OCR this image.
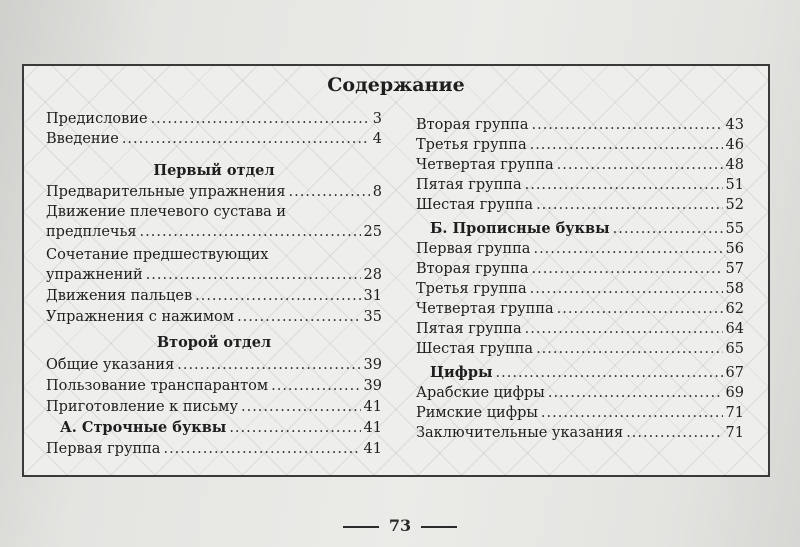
Содержание
Предисловие .....	3
Введение .....	4
Первый отдел
Предварительные упражнения .....	8
Движение плечевого сустава и
предплечья .....	25
Сочетание предшествующих
упражнений .....	28
Движения пальцев .....	31
Упражнения с нажимом .....	35
Второй отдел
Общие указания .....	39
Пользование транспарантом .....	39
Приготовление к письму .....	41
А. Строчные буквы .....	41
Первая группа .....	41
Вторая группа .....	43
Третья группа .....	46
Четвертая группа .....	48
Пятая группа .....	51
Шестая группа .....	52
Б. Прописные буквы .....	55
Первая группа .....	56
Вторая группа .....	57
Третья группа .....	58
Четвертая группа .....	62
Пятая группа .....	64
Шестая группа .....	65
Цифры .....	67
Арабские цифры .....	69
Римские цифры .....	71
Заключительные указания .....	71
73
